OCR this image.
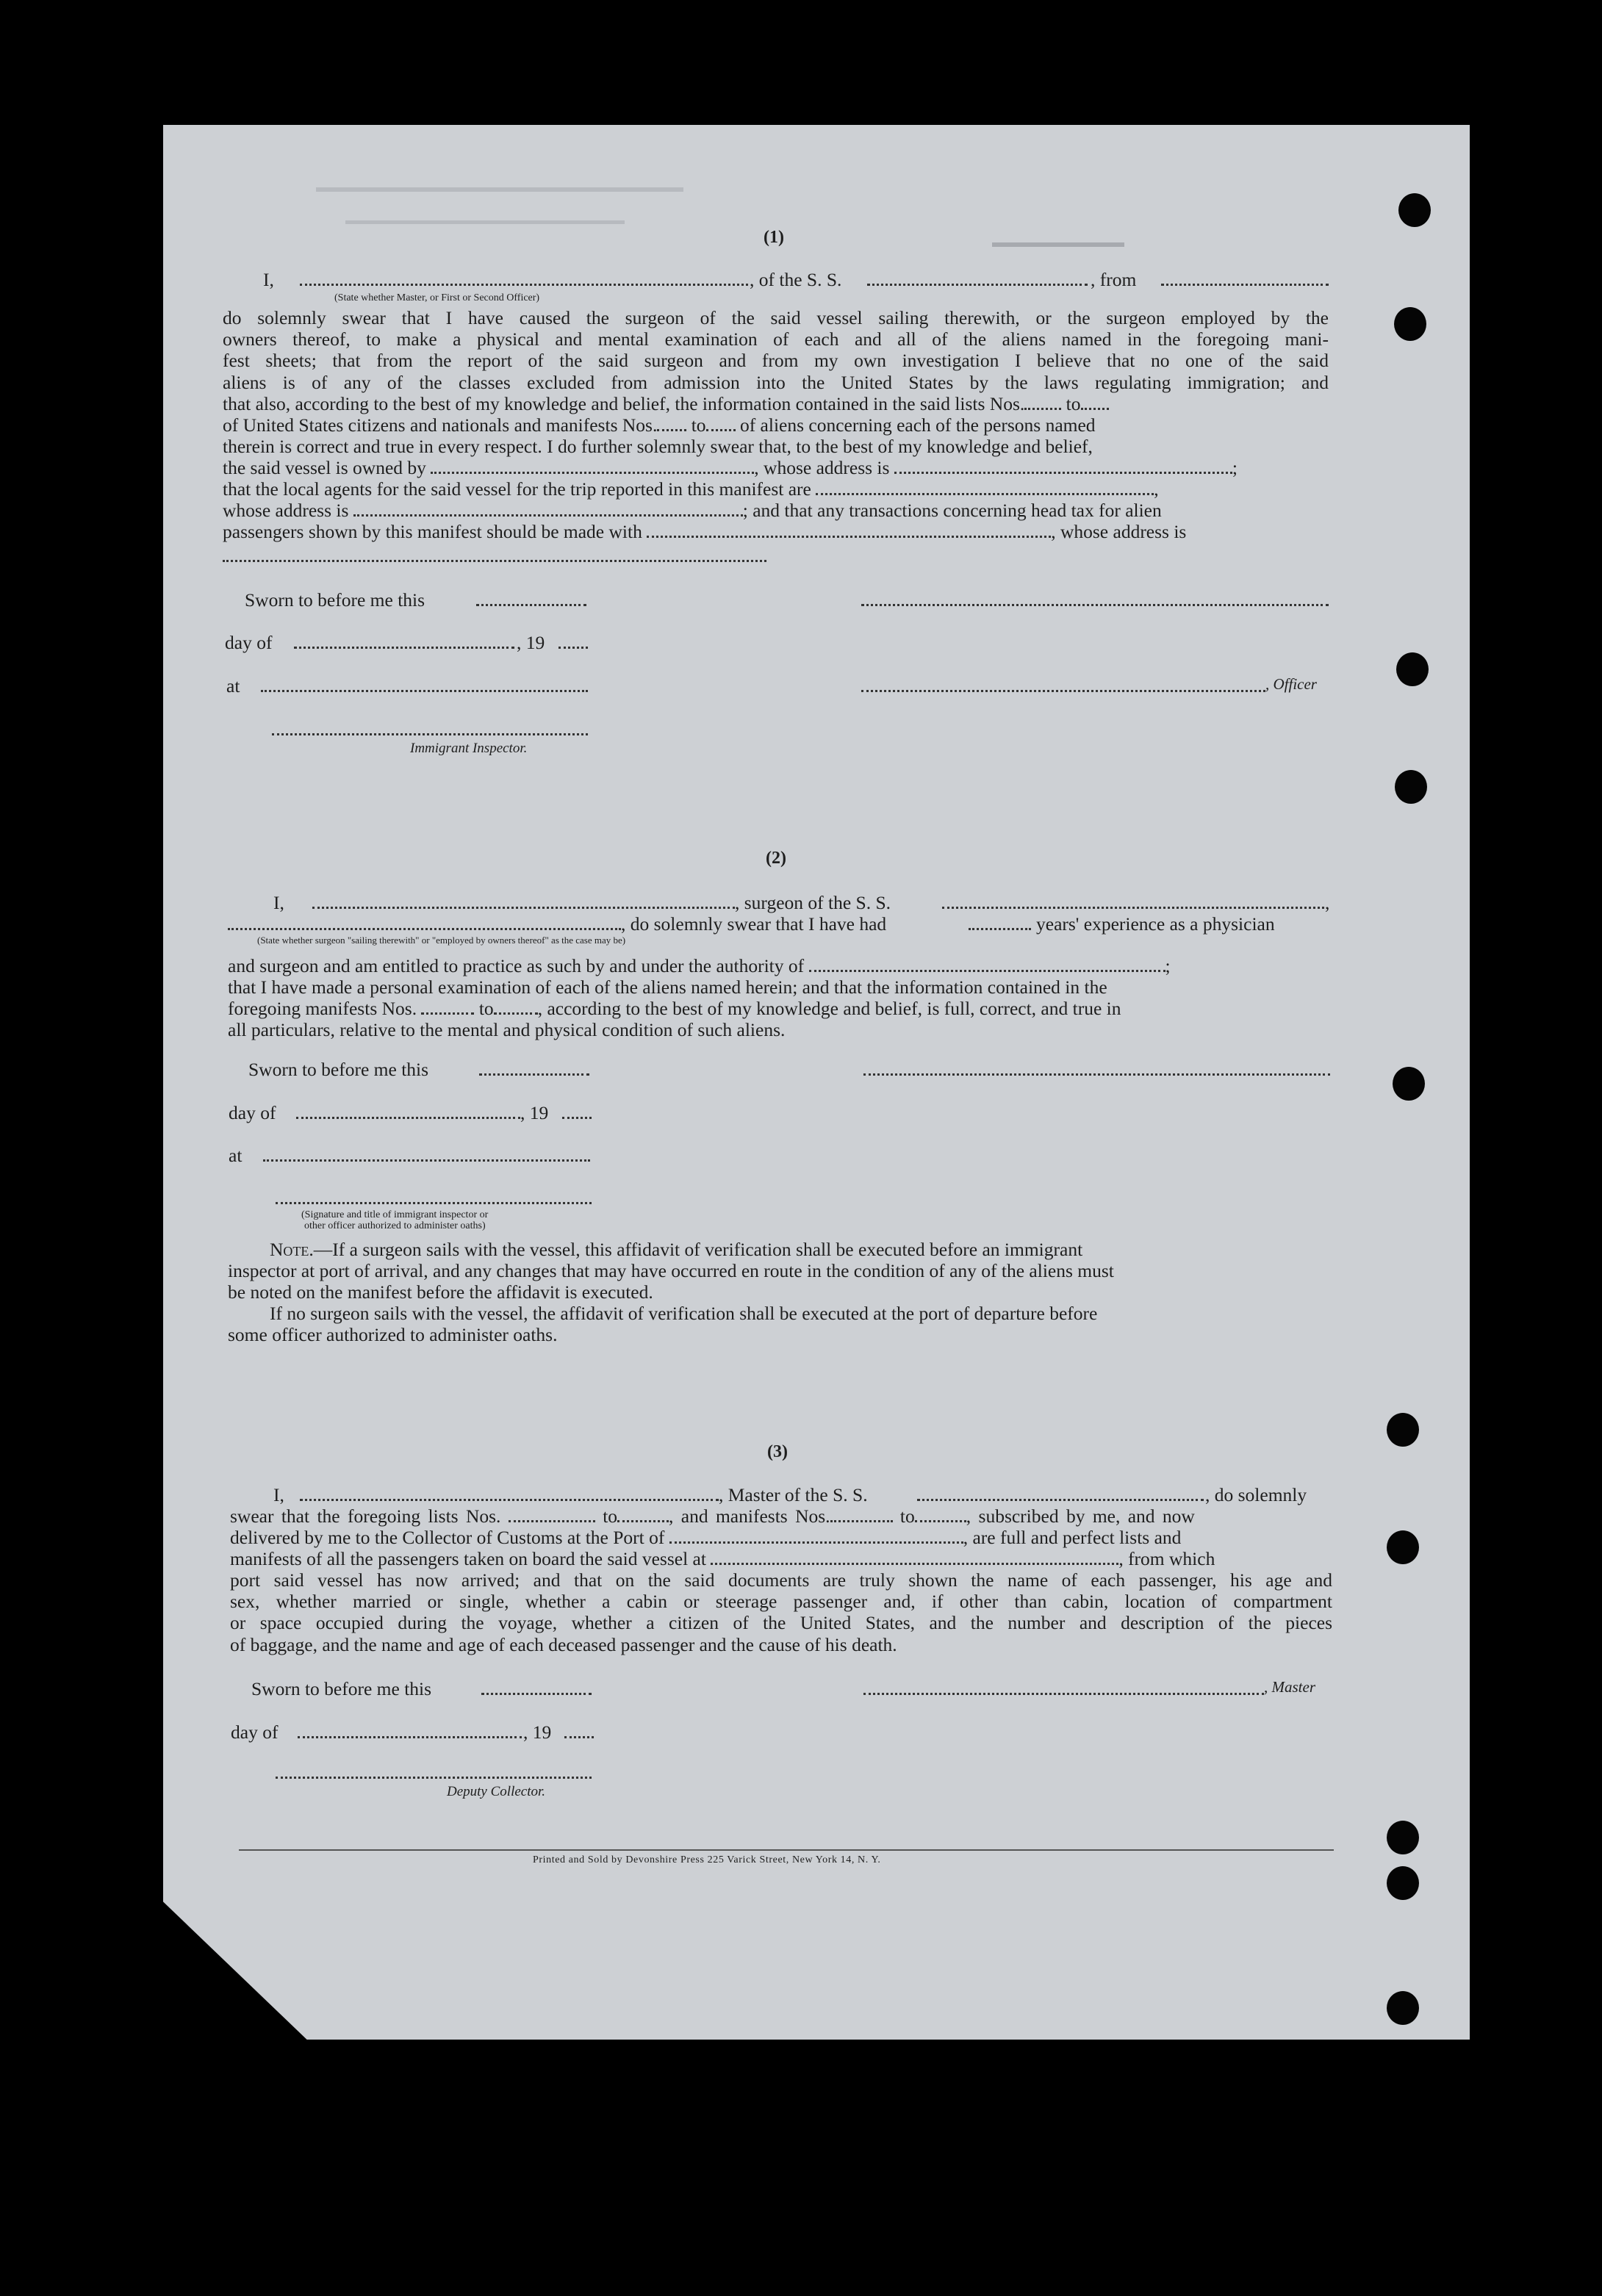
(1)
I,	, of the S. S.	, from
(State whether Master, or First or Second Officer)
do solemnly swear that I have caused the surgeon of the said vessel sailing therewith, or the surgeon employed by the
owners thereof, to make a physical and mental examination of each and all of the aliens named in the foregoing mani-
fest sheets; that from the report of the said surgeon and from my own investigation I believe that no one of the said
aliens is of any of the classes excluded from admission into the United States by the laws regulating immigration; and
that also, according to the best of my knowledge and belief, the information contained in the said lists Nos. to
of United States citizens and nationals and manifests Nos. to of aliens concerning each of the persons named
therein is correct and true in every respect. I do further solemnly swear that, to the best of my knowledge and belief,
the said vessel is owned by	, whose address is	;
that the local agents for the said vessel for the trip reported in this manifest are	,
whose address is	; and that any transactions concerning head tax for alien
passengers shown by this manifest should be made with	, whose address is
Sworn to before me this
day of	, 19
at	, Officer
Immigrant Inspector.
(2)
I,	, surgeon of the S. S.	,
, do solemnly swear that I have had	years' experience as a physician
(State whether surgeon "sailing therewith" or "employed by owners thereof" as the case may be)
and surgeon and am entitled to practice as such by and under the authority of	;
that I have made a personal examination of each of the aliens named herein; and that the information contained in the
foregoing manifests Nos.	to , according to the best of my knowledge and belief, is full, correct, and true in
all particulars, relative to the mental and physical condition of such aliens.
Sworn to before me this
day of	, 19
at
(Signature and title of immigrant inspector or
other officer authorized to administer oaths)
Note.—If a surgeon sails with the vessel, this affidavit of verification shall be executed before an immigrant
inspector at port of arrival, and any changes that may have occurred en route in the condition of any of the aliens must
be noted on the manifest before the affidavit is executed.
If no surgeon sails with the vessel, the affidavit of verification shall be executed at the port of departure before
some officer authorized to administer oaths.
(3)
I,	, Master of the S. S.	, do solemnly
swear that the foregoing lists Nos.	to	, and manifests Nos.	to	, subscribed by me, and now
delivered by me to the Collector of Customs at the Port of	, are full and perfect lists and
manifests of all the passengers taken on board the said vessel at	, from which
port said vessel has now arrived; and that on the said documents are truly shown the name of each passenger, his age and
sex, whether married or single, whether a cabin or steerage passenger and, if other than cabin, location of compartment
or space occupied during the voyage, whether a citizen of the United States, and the number and description of the pieces
of baggage, and the name and age of each deceased passenger and the cause of his death.
Sworn to before me this	, Master
day of	, 19
Deputy Collector.
Printed and Sold by Devonshire Press 225 Varick Street, New York 14, N. Y.
